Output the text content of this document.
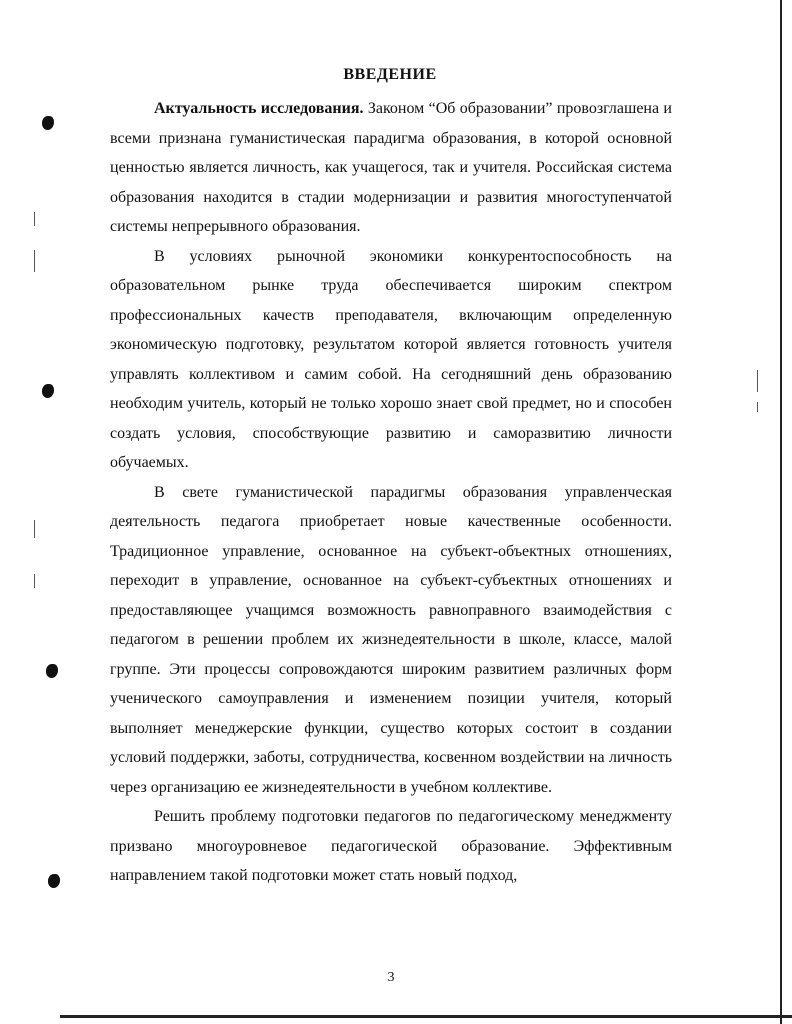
ВВЕДЕНИЕ

Актуальность исследования. Законом “Об образовании” провозглашена и всеми признана гуманистическая парадигма образования, в которой основной ценностью является личность, как учащегося, так и учителя. Российская система образования находится в стадии модернизации и развития многоступенчатой системы непрерывного образования.

В условиях рыночной экономики конкурентоспособность на образовательном рынке труда обеспечивается широким спектром профессиональных качеств преподавателя, включающим определенную экономическую подготовку, результатом которой является готовность учителя управлять коллективом и самим собой. На сегодняшний день образованию необходим учитель, который не только хорошо знает свой предмет, но и способен создать условия, способствующие развитию и саморазвитию личности обучаемых.

В свете гуманистической парадигмы образования управленческая деятельность педагога приобретает новые качественные особенности. Традиционное управление, основанное на субъект-объектных отношениях, переходит в управление, основанное на субъект-субъектных отношениях и предоставляющее учащимся возможность равноправного взаимодействия с педагогом в решении проблем их жизнедеятельности в школе, классе, малой группе. Эти процессы сопровождаются широким развитием различных форм ученического самоуправления и изменением позиции учителя, который выполняет менеджерские функции, существо которых состоит в создании условий поддержки, заботы, сотрудничества, косвенном воздействии на личность через организацию ее жизнедеятельности в учебном коллективе.

Решить проблему подготовки педагогов по педагогическому менеджменту призвано многоуровневое педагогической образование. Эффективным направлением такой подготовки может стать новый подход,

3
